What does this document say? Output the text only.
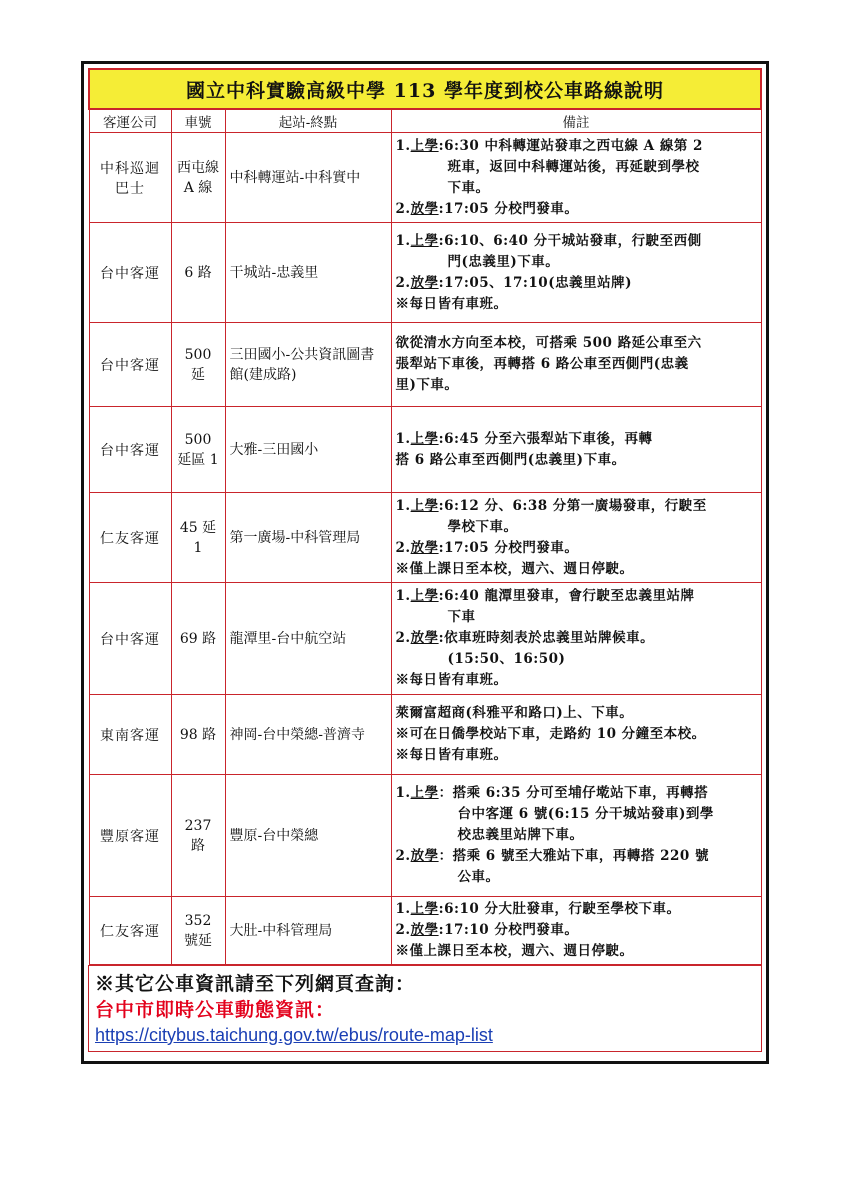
國立中科實驗高級中學 113 學年度到校公車路線說明			
客運公司	車號	起站-終點	備註
中科巡迴巴士	西屯線 A 線	中科轉運站-中科實中	1.上學:6:30 中科轉運站發車之西屯線 A 線第 2
班車，返回中科轉運站後，再延駛到學校
下車。
2.放學:17:05 分校門發車。

台中客運	6 路	干城站-忠義里	1.上學:6:10、6:40 分干城站發車，行駛至西側
門(忠義里)下車。
2.放學:17:05、17:10(忠義里站牌)
※每日皆有車班。

台中客運	500 延	三田國小-公共資訊圖書館(建成路)	欲從清水方向至本校，可搭乘 500 路延公車至六
張犁站下車後，再轉搭 6 路公車至西側門(忠義
里)下車。

台中客運	500 延區 1	大雅-三田國小	1.上學:6:45 分至六張犁站下車後，再轉
搭 6 路公車至西側門(忠義里)下車。

仁友客運	45 延 1	第一廣場-中科管理局	1.上學:6:12 分、6:38 分第一廣場發車，行駛至
學校下車。
2.放學:17:05 分校門發車。
※僅上課日至本校，週六、週日停駛。

台中客運	69 路	龍潭里-台中航空站	1.上學:6:40 龍潭里發車，會行駛至忠義里站牌
下車
2.放學:依車班時刻表於忠義里站牌候車。
(15:50、16:50)
※每日皆有車班。

東南客運	98 路	神岡-台中榮總-普濟寺	萊爾富超商(科雅平和路口)上、下車。
※可在日僑學校站下車，走路約 10 分鐘至本校。
※每日皆有車班。

豐原客運	237 路	豐原-台中榮總	1.上學：搭乘 6:35 分可至埔仔墘站下車，再轉搭
台中客運 6 號(6:15 分干城站發車)到學
校忠義里站牌下車。
2.放學：搭乘 6 號至大雅站下車，再轉搭 220 號
公車。

仁友客運	352 號延	大肚-中科管理局	1.上學:6:10 分大肚發車，行駛至學校下車。
2.放學:17:10 分校門發車。
※僅上課日至本校，週六、週日停駛。
※其它公車資訊請至下列網頁查詢：
台中市即時公車動態資訊：
https://citybus.taichung.gov.tw/ebus/route-map-list
